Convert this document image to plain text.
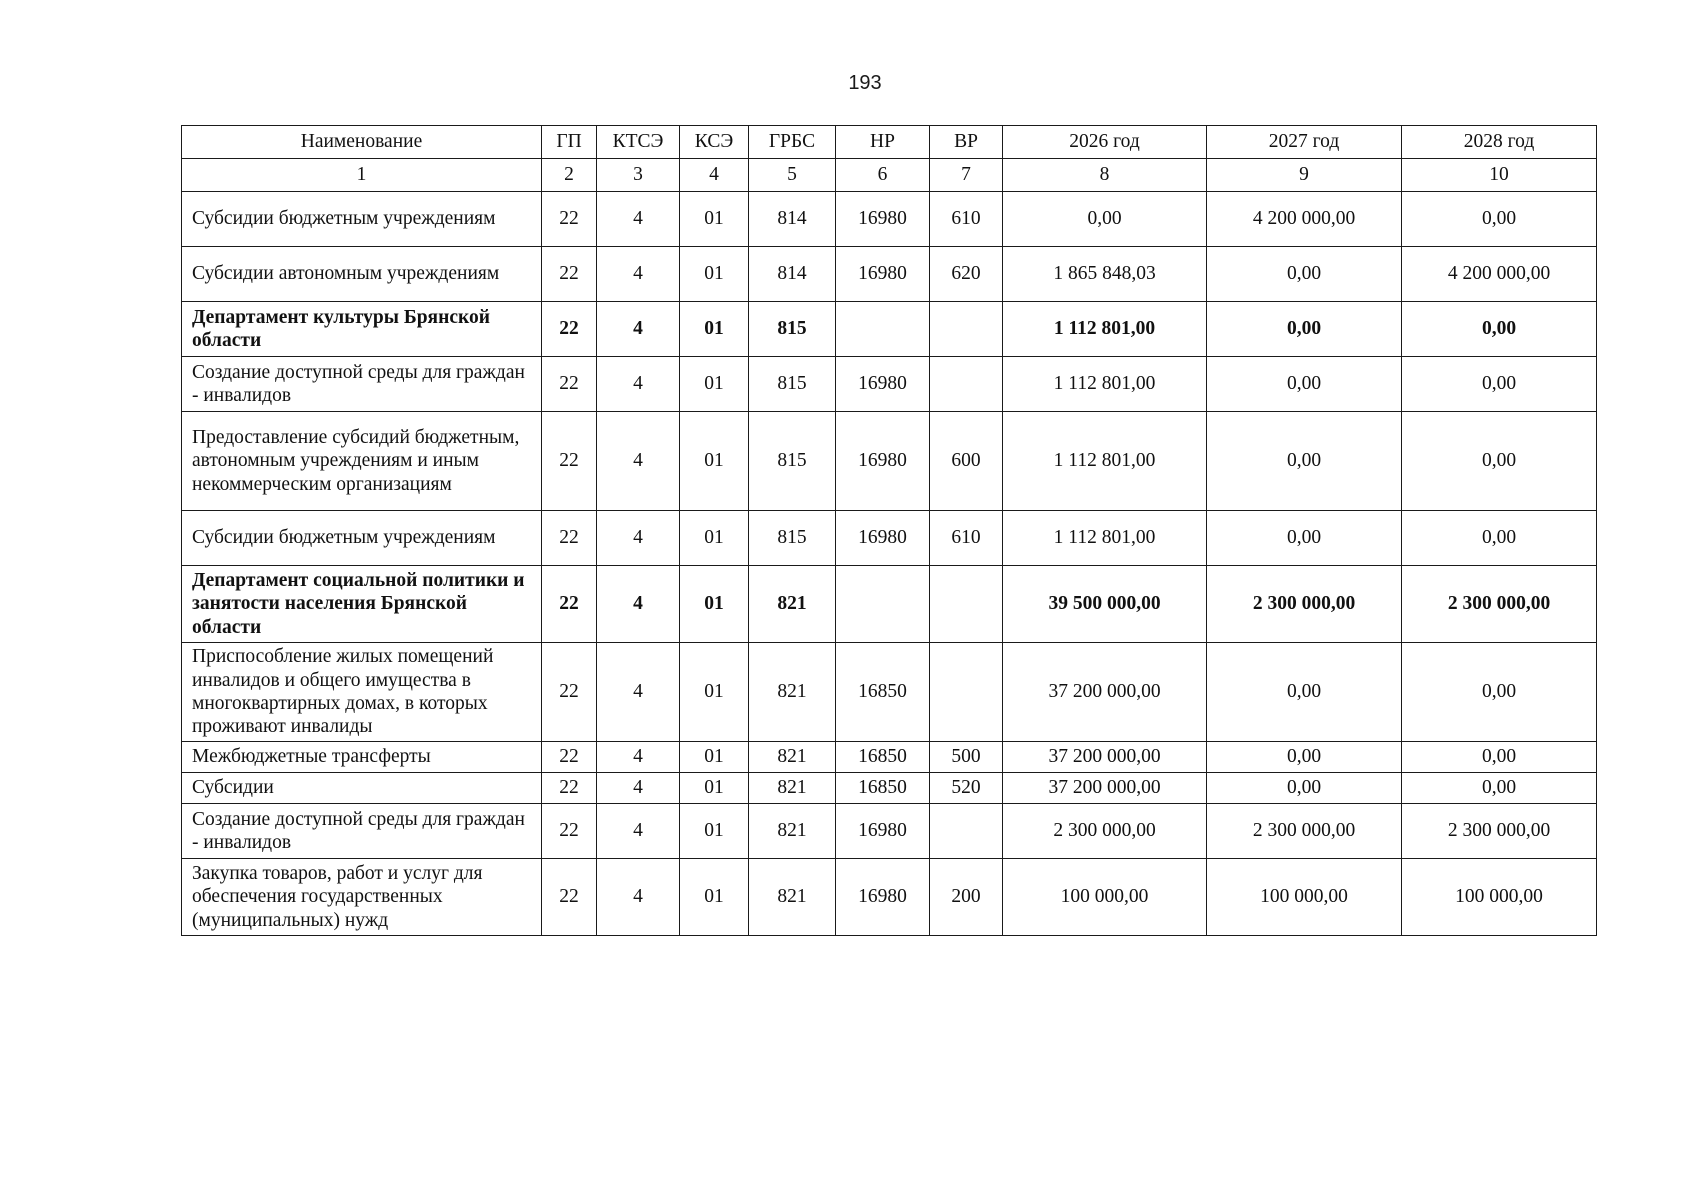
193
Наименование	ГП	КТСЭ	КСЭ	ГРБС	НР	ВР	2026 год	2027 год	2028 год
1	2	3	4	5	6	7	8	9	10
Субсидии бюджетным учреждениям	22	4	01	814	16980	610	0,00	4 200 000,00	0,00
Субсидии автономным учреждениям	22	4	01	814	16980	620	1 865 848,03	0,00	4 200 000,00
Департамент культуры Брянской области	22	4	01	815			1 112 801,00	0,00	0,00
Создание доступной среды для граждан - инвалидов	22	4	01	815	16980		1 112 801,00	0,00	0,00
Предоставление субсидий бюджетным, автономным учреждениям и иным некоммерческим организациям	22	4	01	815	16980	600	1 112 801,00	0,00	0,00
Субсидии бюджетным учреждениям	22	4	01	815	16980	610	1 112 801,00	0,00	0,00
Департамент социальной политики и занятости населения Брянской области	22	4	01	821			39 500 000,00	2 300 000,00	2 300 000,00
Приспособление жилых помещений инвалидов и общего имущества в многоквартирных домах, в которых проживают инвалиды	22	4	01	821	16850		37 200 000,00	0,00	0,00
Межбюджетные трансферты	22	4	01	821	16850	500	37 200 000,00	0,00	0,00
Субсидии	22	4	01	821	16850	520	37 200 000,00	0,00	0,00
Создание доступной среды для граждан - инвалидов	22	4	01	821	16980		2 300 000,00	2 300 000,00	2 300 000,00
Закупка товаров, работ и услуг для обеспечения государственных (муниципальных) нужд	22	4	01	821	16980	200	100 000,00	100 000,00	100 000,00
